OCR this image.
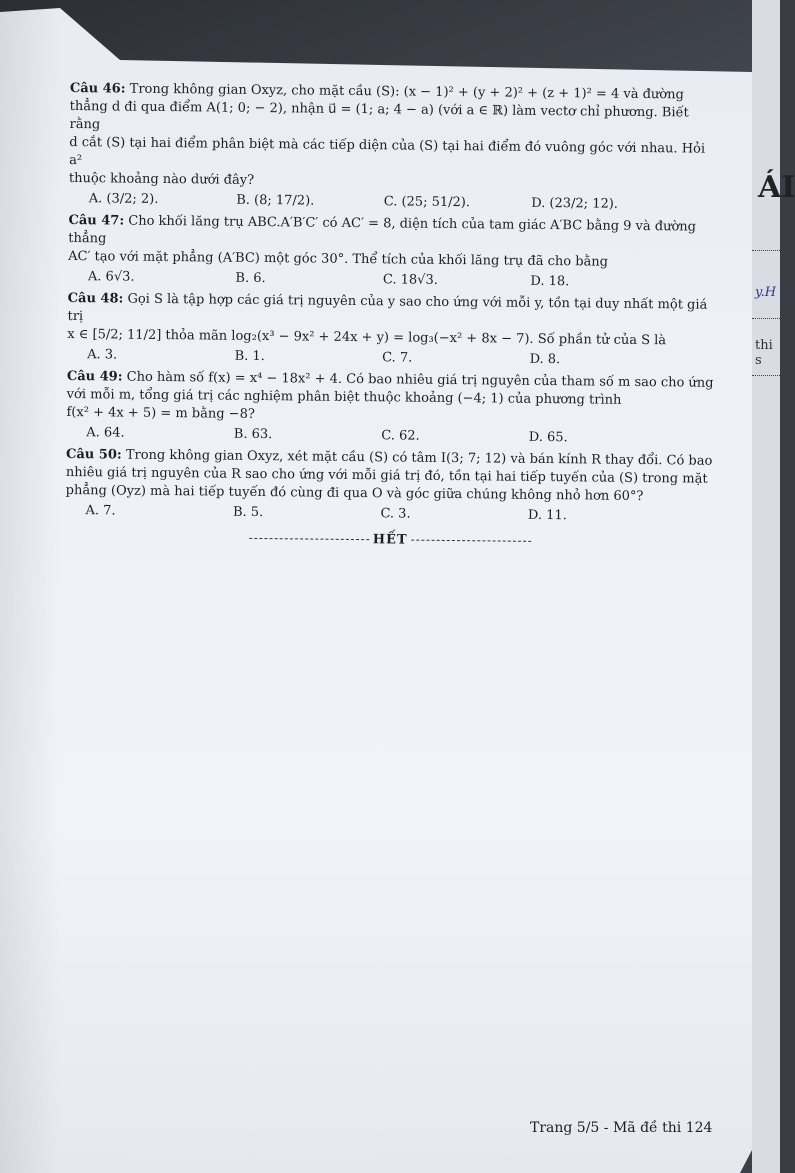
ÁI
y.H
thi s
Câu 46: Trong không gian Oxyz, cho mặt cầu (S): (x − 1)² + (y + 2)² + (z + 1)² = 4 và đường
thẳng d đi qua điểm A(1; 0; − 2), nhận u⃗ = (1; a; 4 − a) (với a ∈ ℝ) làm vectơ chỉ phương. Biết rằng
d cắt (S) tại hai điểm phân biệt mà các tiếp diện của (S) tại hai điểm đó vuông góc với nhau. Hỏi a²
thuộc khoảng nào dưới đây?
A. (3/2; 2).	B. (8; 17/2).	C. (25; 51/2).	D. (23/2; 12).
Câu 47: Cho khối lăng trụ ABC.A′B′C′ có AC′ = 8, diện tích của tam giác A′BC bằng 9 và đường thẳng
AC′ tạo với mặt phẳng (A′BC) một góc 30°. Thể tích của khối lăng trụ đã cho bằng
A. 6√3.	B. 6.	C. 18√3.	D. 18.
Câu 48: Gọi S là tập hợp các giá trị nguyên của y sao cho ứng với mỗi y, tồn tại duy nhất một giá trị
x ∈ [5/2; 11/2] thỏa mãn log₂(x³ − 9x² + 24x + y) = log₃(−x² + 8x − 7). Số phần tử của S là
A. 3.	B. 1.	C. 7.	D. 8.
Câu 49: Cho hàm số f(x) = x⁴ − 18x² + 4. Có bao nhiêu giá trị nguyên của tham số m sao cho ứng
với mỗi m, tổng giá trị các nghiệm phân biệt thuộc khoảng (−4; 1) của phương trình
f(x² + 4x + 5) = m bằng −8?
A. 64.	B. 63.	C. 62.	D. 65.
Câu 50: Trong không gian Oxyz, xét mặt cầu (S) có tâm I(3; 7; 12) và bán kính R thay đổi. Có bao
nhiêu giá trị nguyên của R sao cho ứng với mỗi giá trị đó, tồn tại hai tiếp tuyến của (S) trong mặt
phẳng (Oyz) mà hai tiếp tuyến đó cùng đi qua O và góc giữa chúng không nhỏ hơn 60°?
A. 7.	B. 5.	C. 3.	D. 11.
HẾT
Trang 5/5 - Mã đề thi 124
